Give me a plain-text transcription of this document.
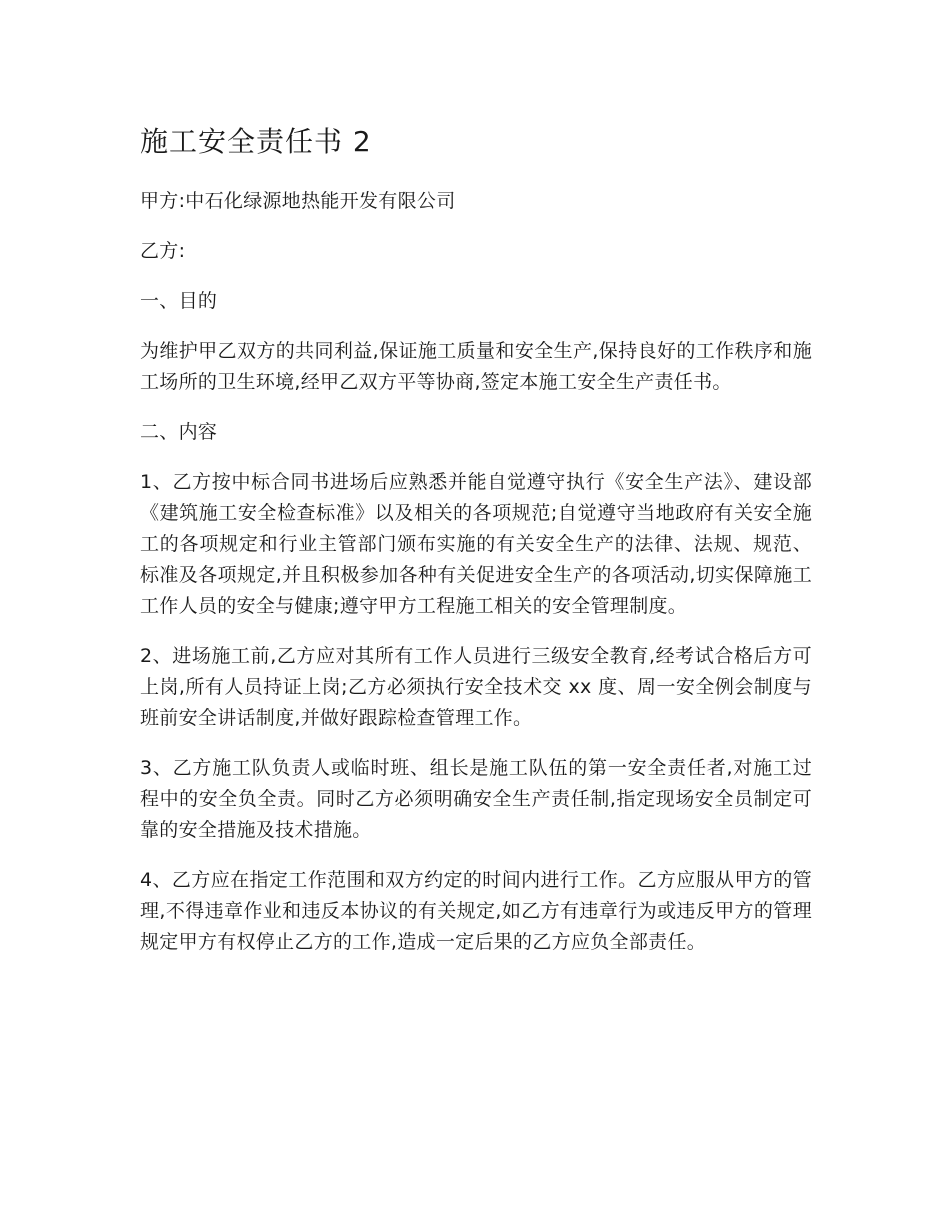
施工安全责任书 2

甲方:中石化绿源地热能开发有限公司

乙方:

一、目的

为维护甲乙双方的共同利益,保证施工质量和安全生产,保持良好的工作秩序和施工场所的卫生环境,经甲乙双方平等协商,签定本施工安全生产责任书。

二、内容

1、乙方按中标合同书进场后应熟悉并能自觉遵守执行《安全生产法》、建设部《建筑施工安全检查标准》以及相关的各项规范;自觉遵守当地政府有关安全施工的各项规定和行业主管部门颁布实施的有关安全生产的法律、法规、规范、标准及各项规定,并且积极参加各种有关促进安全生产的各项活动,切实保障施工工作人员的安全与健康;遵守甲方工程施工相关的安全管理制度。

2、进场施工前,乙方应对其所有工作人员进行三级安全教育,经考试合格后方可上岗,所有人员持证上岗;乙方必须执行安全技术交 xx 度、周一安全例会制度与班前安全讲话制度,并做好跟踪检查管理工作。

3、乙方施工队负责人或临时班、组长是施工队伍的第一安全责任者,对施工过程中的安全负全责。同时乙方必须明确安全生产责任制,指定现场安全员制定可靠的安全措施及技术措施。

4、乙方应在指定工作范围和双方约定的时间内进行工作。乙方应服从甲方的管理,不得违章作业和违反本协议的有关规定,如乙方有违章行为或违反甲方的管理规定甲方有权停止乙方的工作,造成一定后果的乙方应负全部责任。
